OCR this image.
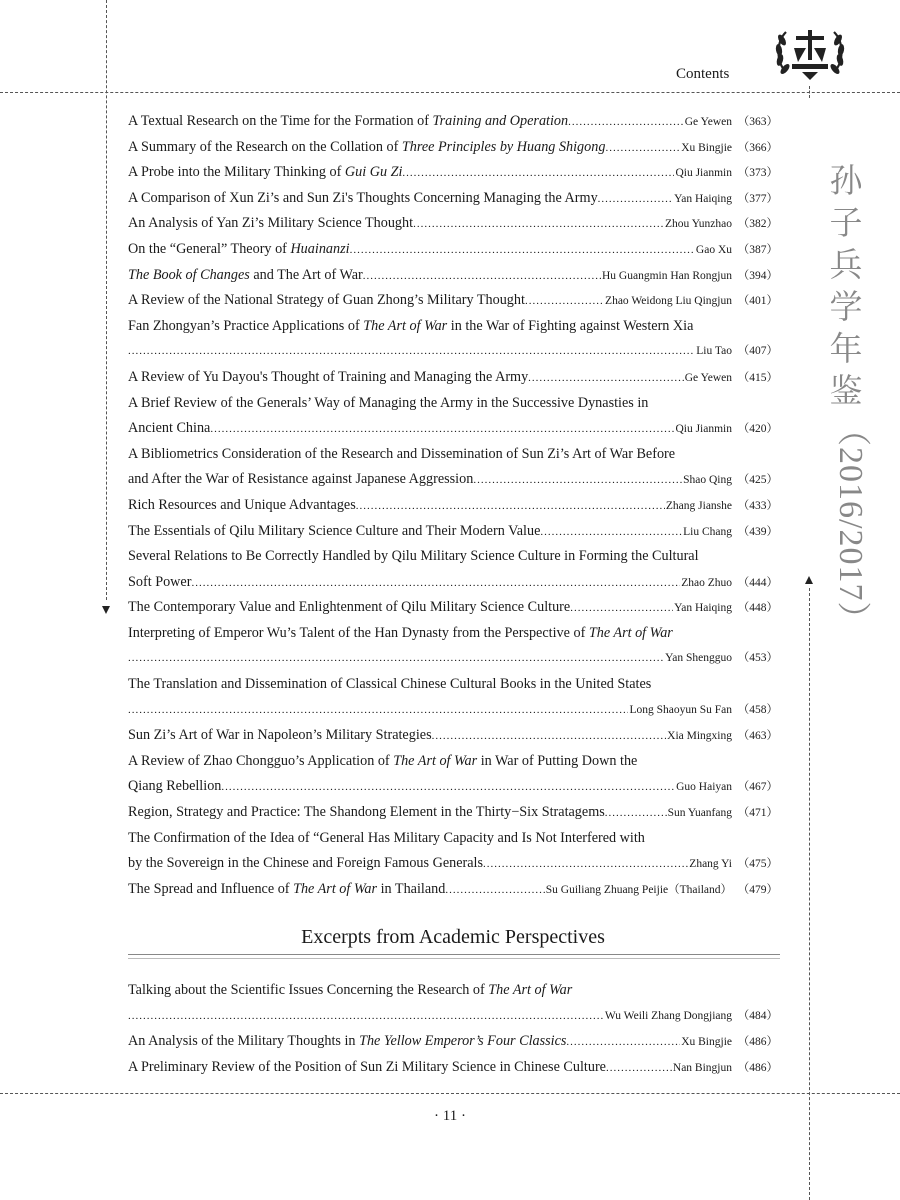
Contents
孙
子
兵
学
年
鉴
（2016/2017）
A Textual Research on the Time for the Formation of Training and Operation .....	Ge Yewen （363）
A Summary of the Research on the Collation of Three Principles by Huang Shigong .....	Xu Bingjie （366）
A Probe into the Military Thinking of Gui Gu Zi .....	Qiu Jianmin （373）
A Comparison of Xun Zi’s and Sun Zi's Thoughts Concerning Managing the Army .....	Yan Haiqing （377）
An Analysis of Yan Zi’s Military Science Thought .....	Zhou Yunzhao （382）
On the “General” Theory of Huainanzi .....	Gao Xu （387）
The Book of Changes and The Art of War .....	Hu Guangmin Han Rongjun （394）
A Review of the National Strategy of Guan Zhong’s Military Thought .....	Zhao Weidong Liu Qingjun （401）
Fan Zhongyan’s Practice Applications of The Art of War in the War of Fighting against Western Xia
.....
Liu Tao （407）
A Review of Yu Dayou's Thought of Training and Managing the Army .....	Ge Yewen （415）
A Brief Review of the Generals’ Way of Managing the Army in the Successive Dynasties in
Ancient China .....	Qiu Jianmin （420）
A Bibliometrics Consideration of the Research and Dissemination of Sun Zi’s Art of War Before
and After the War of Resistance against Japanese Aggression .....	Shao Qing （425）
Rich Resources and Unique Advantages .....	Zhang Jianshe （433）
The Essentials of Qilu Military Science Culture and Their Modern Value .....	Liu Chang （439）
Several Relations to Be Correctly Handled by Qilu Military Science Culture in Forming the Cultural
Soft Power .....	Zhao Zhuo （444）
The Contemporary Value and Enlightenment of Qilu Military Science Culture .....	Yan Haiqing （448）
Interpreting of Emperor Wu’s Talent of the Han Dynasty from the Perspective of The Art of War
.....
Yan Shengguo （453）
The Translation and Dissemination of Classical Chinese Cultural Books in the United States
.....
Long Shaoyun Su Fan （458）
Sun Zi’s Art of War in Napoleon’s Military Strategies .....	Xia Mingxing （463）
A Review of Zhao Chongguo’s Application of The Art of War in War of Putting Down the
Qiang Rebellion .....	Guo Haiyan （467）
Region, Strategy and Practice: The Shandong Element in the Thirty−Six Stratagems .....	Sun Yuanfang （471）
The Confirmation of the Idea of “General Has Military Capacity and Is Not Interfered with
by the Sovereign in the Chinese and Foreign Famous Generals .....	Zhang Yi （475）
The Spread and Influence of The Art of War in Thailand .....	Su Guiliang Zhuang Peijie（Thailand） （479）
Excerpts from Academic Perspectives
Talking about the Scientific Issues Concerning the Research of The Art of War
.....
Wu Weili Zhang Dongjiang （484）
An Analysis of the Military Thoughts in The Yellow Emperor’s Four Classics .....	Xu Bingjie （486）
A Preliminary Review of the Position of Sun Zi Military Science in Chinese Culture .....	Nan Bingjun （486）
· 11 ·
